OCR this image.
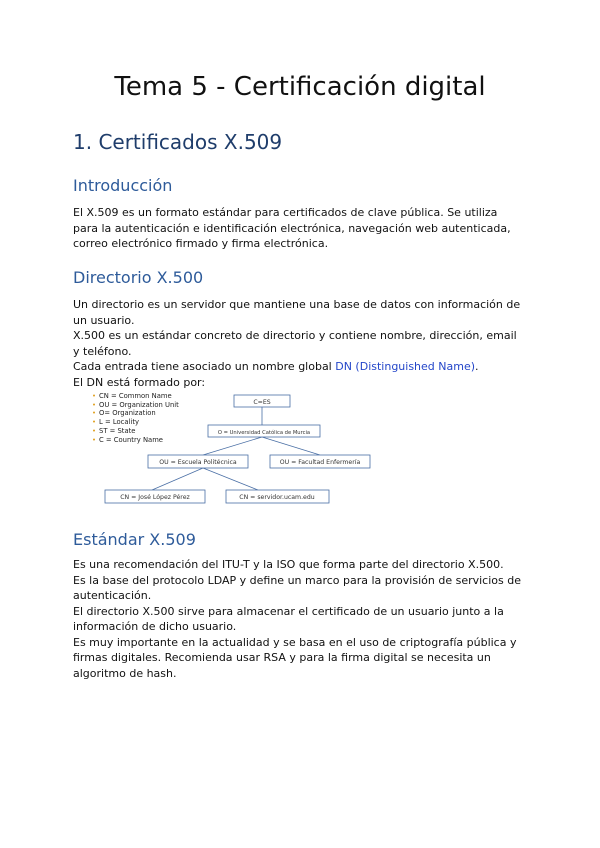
Tema 5 - Certificación digital
1. Certificados X.509
Introducción

El X.509 es un formato estándar para certificados de clave pública. Se utiliza

para la autenticación e identificación electrónica, navegación web autenticada,

correo electrónico firmado y firma electrónica.

Directorio X.500

Un directorio es un servidor que mantiene una base de datos con información de

un usuario.

X.500 es un estándar concreto de directorio y contiene nombre, dirección, email

y teléfono.

Cada entrada tiene asociado un nombre global DN (Distinguished Name).

El DN está formado por:

• CN = Common Name
• OU = Organization Unit
• O= Organization
• L = Locality
• ST = State
• C = Country Name
C=ES
O = Universidad Católica de Murcia
OU = Escuela Politécnica	OU = Facultad Enfermería
CN = José López Pérez	CN = servidor.ucam.edu
Estándar X.509

Es una recomendación del ITU-T y la ISO que forma parte del directorio X.500.

Es la base del protocolo LDAP y define un marco para la provisión de servicios de

autenticación.

El directorio X.500 sirve para almacenar el certificado de un usuario junto a la

información de dicho usuario.

Es muy importante en la actualidad y se basa en el uso de criptografía pública y

firmas digitales. Recomienda usar RSA y para la firma digital se necesita un

algoritmo de hash.
